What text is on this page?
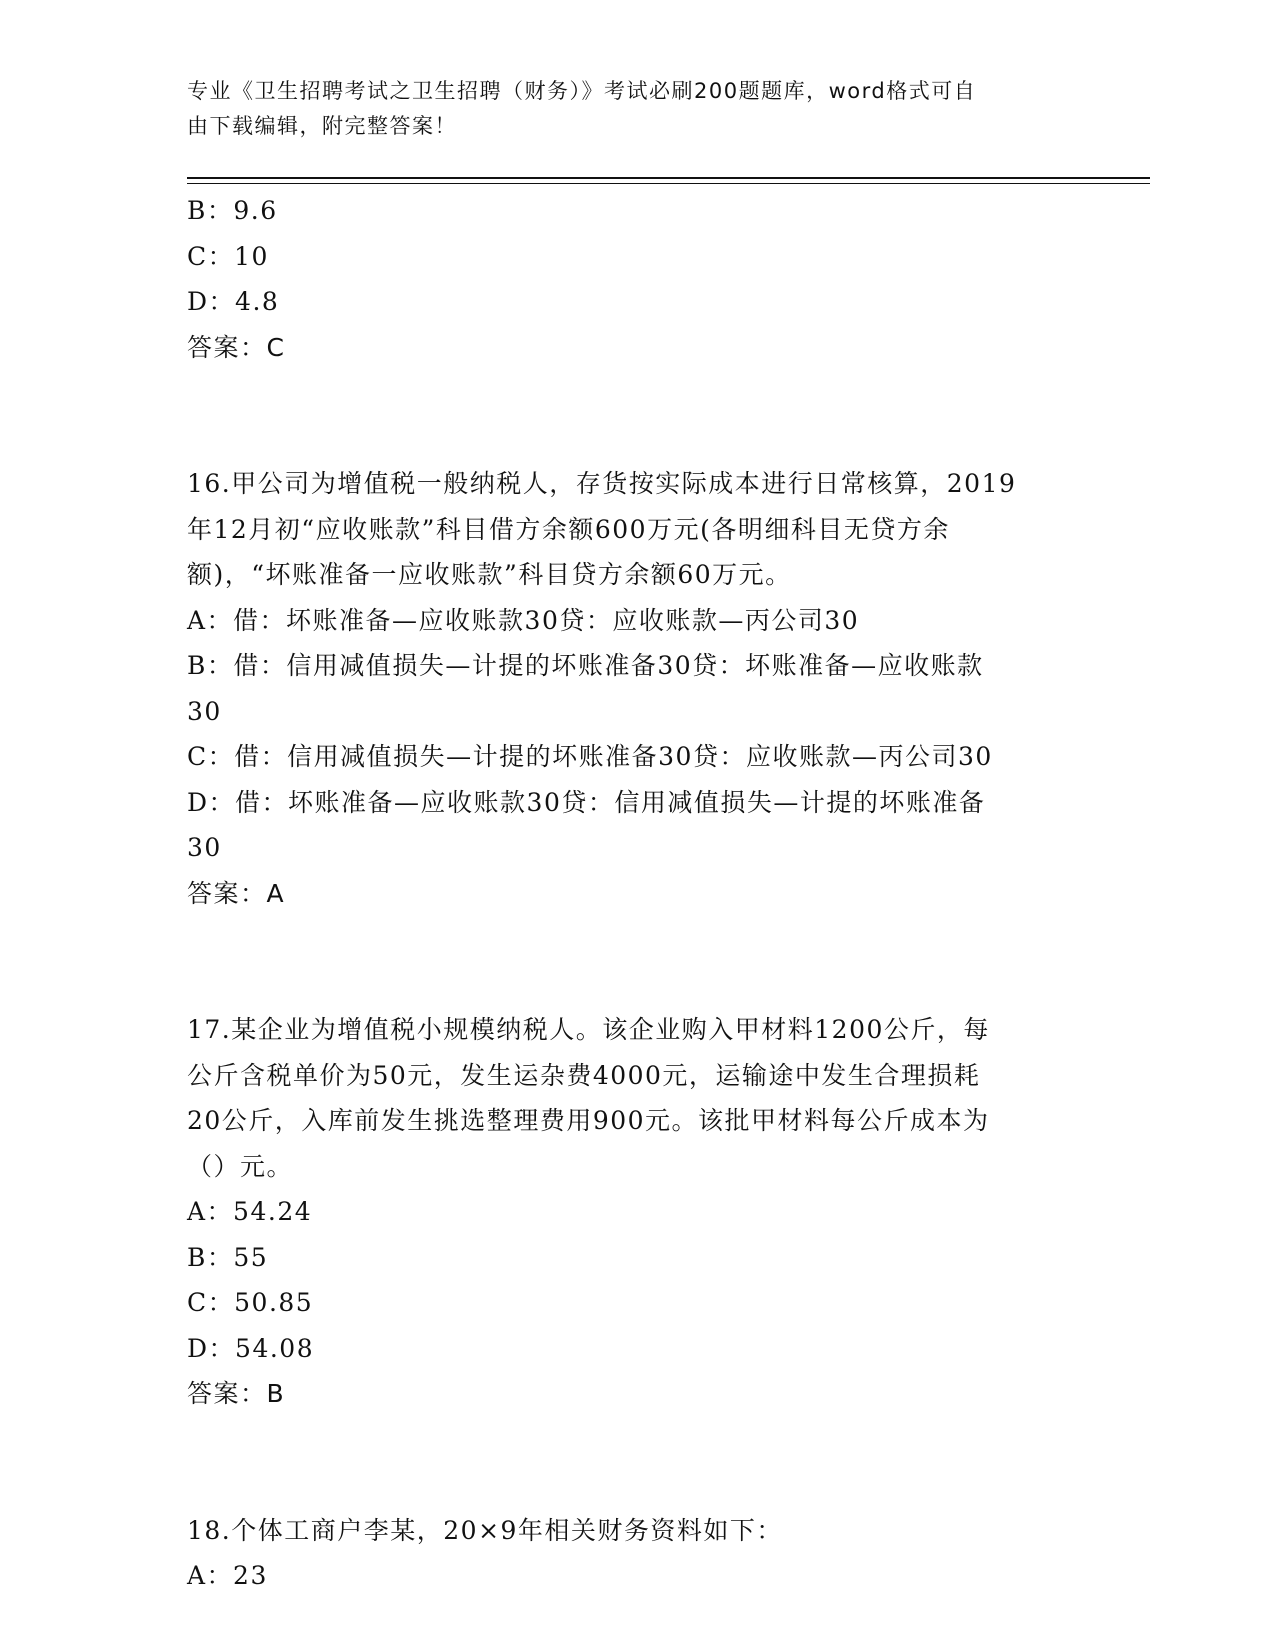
专业《卫生招聘考试之卫生招聘（财务）》考试必刷200题题库，word格式可自
由下载编辑，附完整答案！
B：9.6
C：10
D：4.8
答案：C
16.甲公司为增值税一般纳税人，存货按实际成本进行日常核算，2019
年12月初“应收账款”科目借方余额600万元(各明细科目无贷方余
额)，“坏账准备一应收账款”科目贷方余额60万元。
A：借：坏账准备—应收账款30贷：应收账款—丙公司30
B：借：信用减值损失—计提的坏账准备30贷：坏账准备—应收账款
30
C：借：信用减值损失—计提的坏账准备30贷：应收账款—丙公司30
D：借：坏账准备—应收账款30贷：信用减值损失—计提的坏账准备
30
答案：A
17.某企业为增值税小规模纳税人。该企业购入甲材料1200公斤，每
公斤含税单价为50元，发生运杂费4000元，运输途中发生合理损耗
20公斤，入库前发生挑选整理费用900元。该批甲材料每公斤成本为
（）元。
A：54.24
B：55
C：50.85
D：54.08
答案：B
18.个体工商户李某，20×9年相关财务资料如下：
A：23
